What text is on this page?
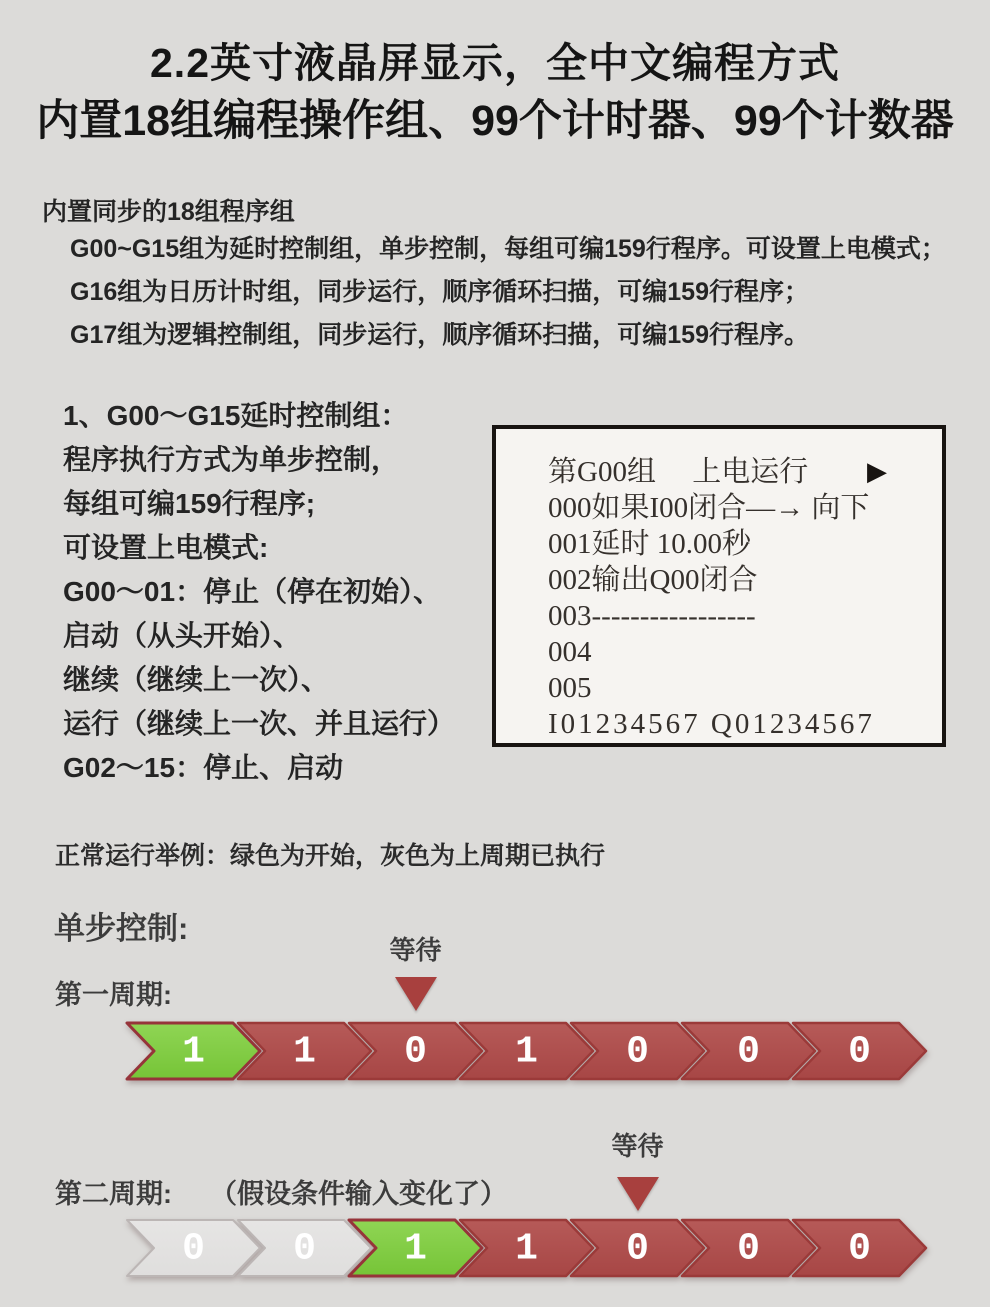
2.2英寸液晶屏显示，全中文编程方式
内置18组编程操作组、99个计时器、99个计数器
内置同步的18组程序组
G00~G15组为延时控制组，单步控制，每组可编159行程序。可设置上电模式；
G16组为日历计时组，同步运行，顺序循环扫描，可编159行程序；
G17组为逻辑控制组，同步运行，顺序循环扫描，可编159行程序。
1、G00～G15延时控制组：
程序执行方式为单步控制，
每组可编159行程序;
可设置上电模式:
G00～01：停止（停在初始）、
启动（从头开始）、
继续（继续上一次）、
运行（继续上一次、并且运行）
G02～15：停止、启动
第G00组　 上电运行 ▶
000如果I00闭合—→ 向下
001延时 10.00秒
002输出Q00闭合
003-----------------
004
005
I01234567 Q01234567
正常运行举例：绿色为开始，灰色为上周期已执行
单步控制:
第一周期:
等待
1 1 0 1 0 0 0
第二周期: （假设条件输入变化了）
等待
0 0 1 1 0 0 0
